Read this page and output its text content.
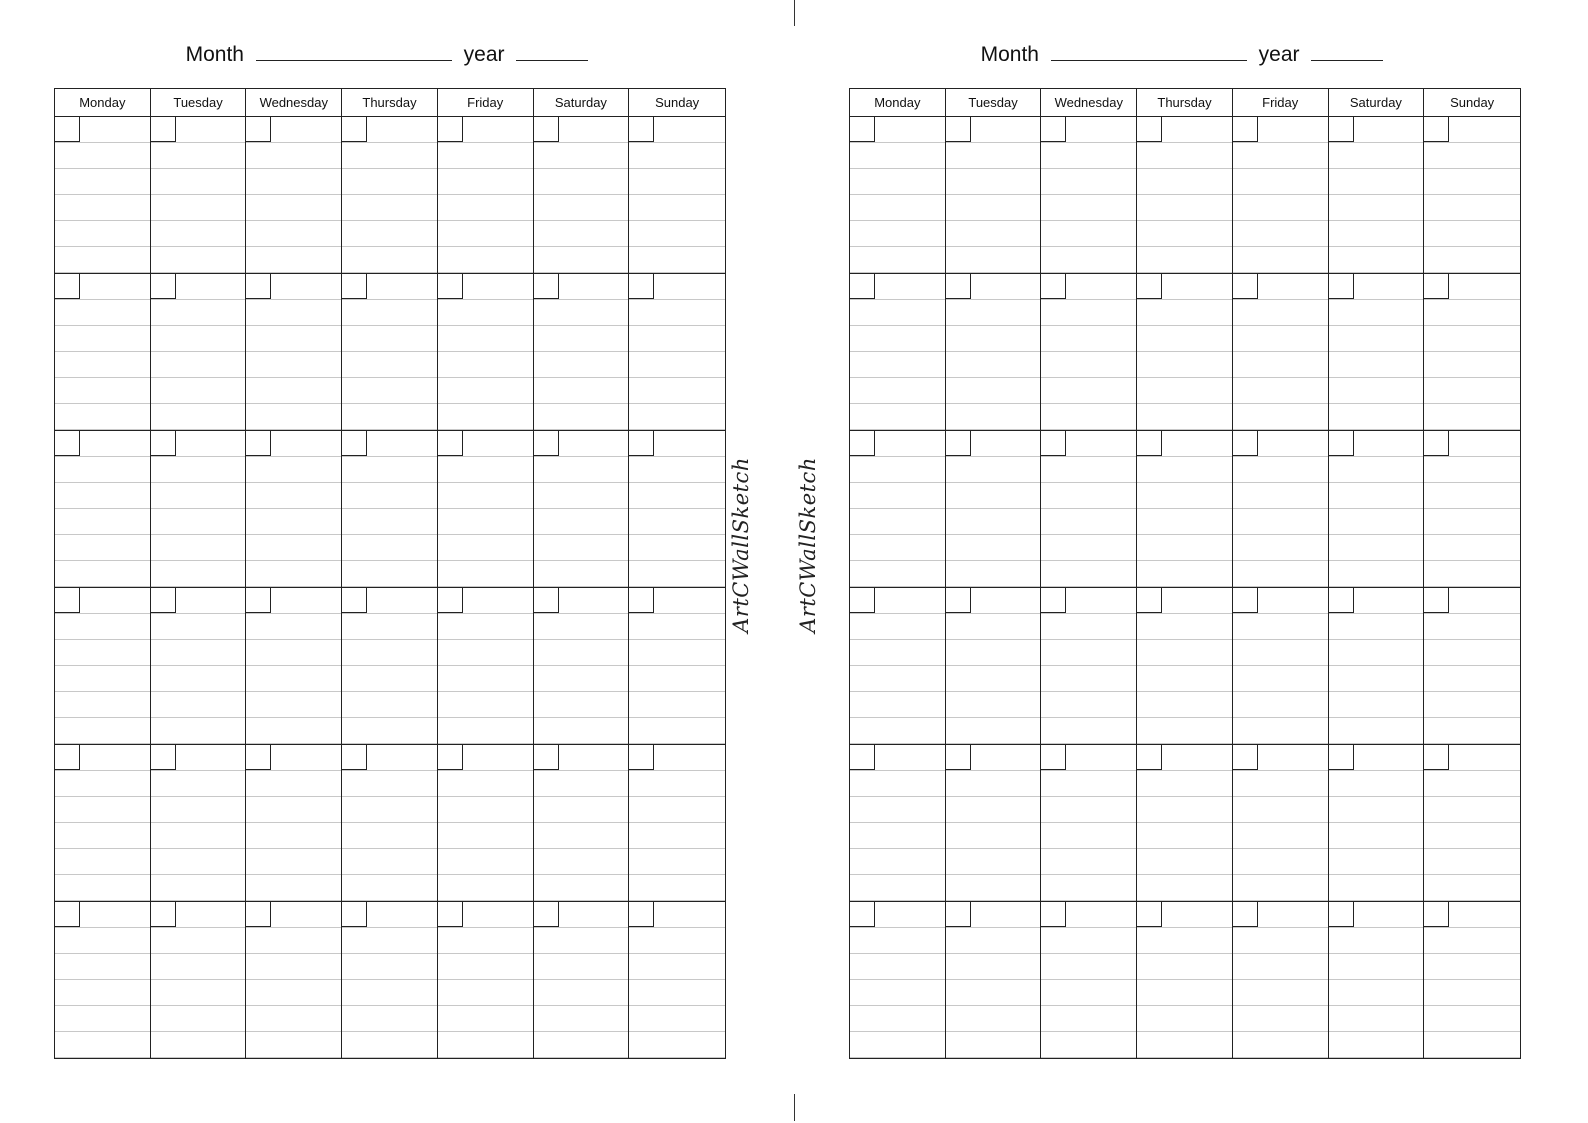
Month	year
Monday	Tuesday	Wednesday	Thursday	Friday	Saturday	Sunday
Month	year
Monday	Tuesday	Wednesday	Thursday	Friday	Saturday	Sunday
ArtCWallSketch ArtCWallSketch
